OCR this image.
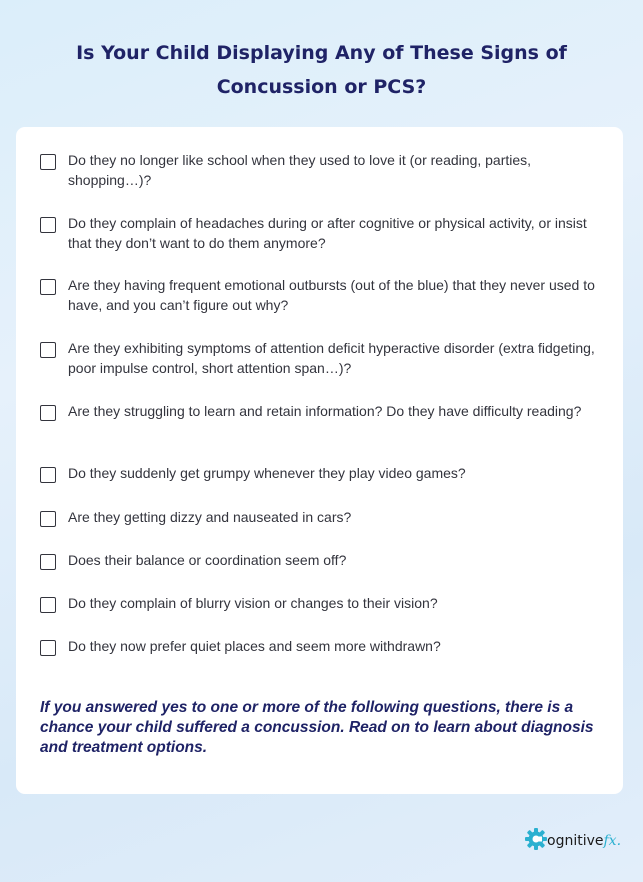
Is Your Child Displaying Any of These Signs of
Concussion or PCS?
Do they no longer like school when they used to love it (or reading, parties, shopping…)?
Do they complain of headaches during or after cognitive or physical activity, or insist that they don’t want to do them anymore?
Are they having frequent emotional outbursts (out of the blue) that they never used to have, and you can’t figure out why?
Are they exhibiting symptoms of attention deficit hyperactive disorder (extra fidgeting, poor impulse control, short attention span…)?
Are they struggling to learn and retain information? Do they have difficulty reading?
Do they suddenly get grumpy whenever they play video games?
Are they getting dizzy and nauseated in cars?
Does their balance or coordination seem off?
Do they complain of blurry vision or changes to their vision?
Do they now prefer quiet places and seem more withdrawn?
If you answered yes to one or more of the following questions, there is a chance your child suffered a concussion. Read on to learn about diagnosis and treatment options.
ognitive fx.
